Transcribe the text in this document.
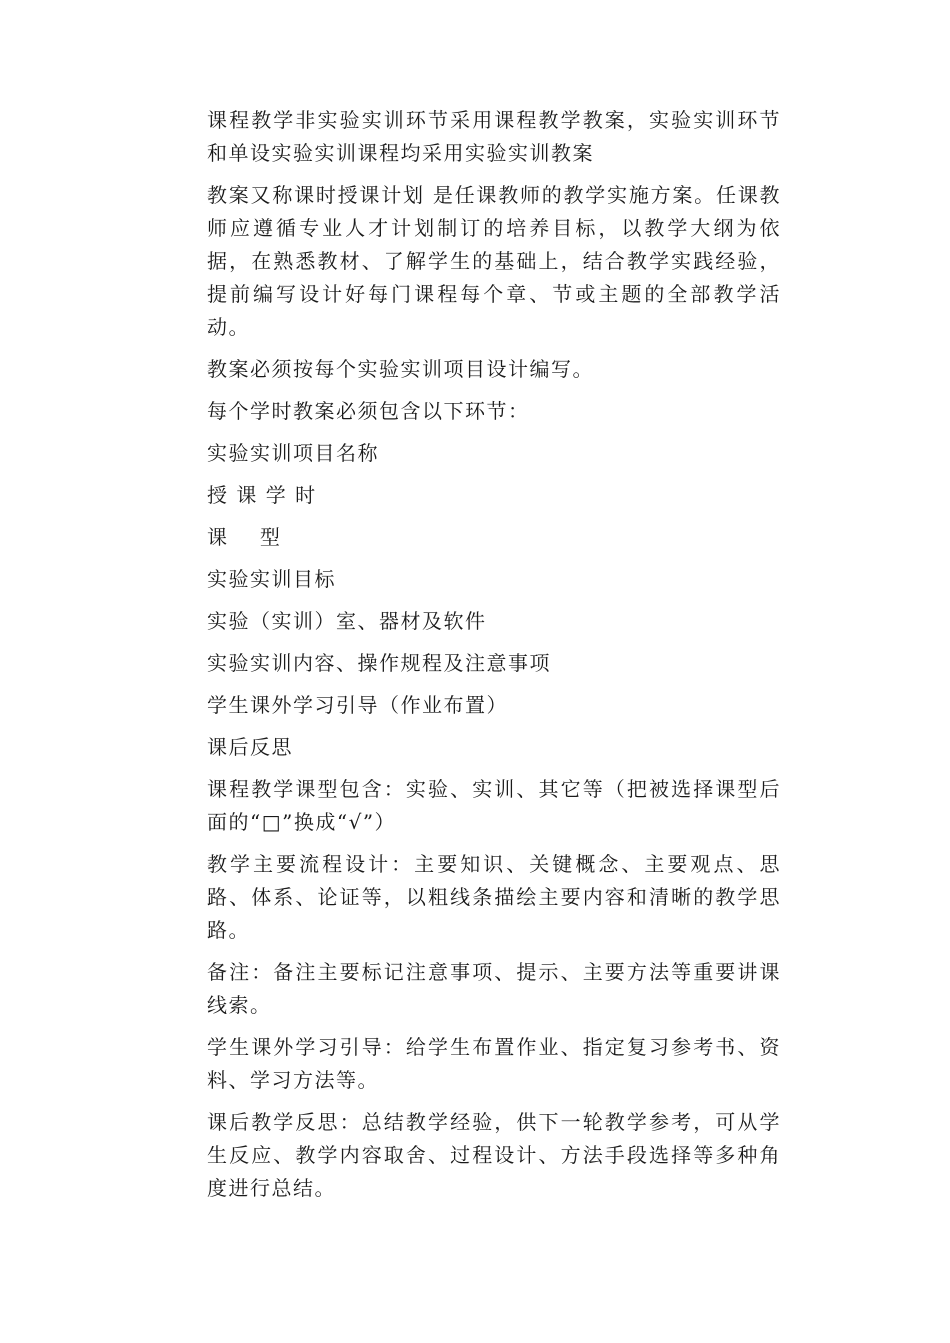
课程教学非实验实训环节采用课程教学教案，实验实训环节和单设实验实训课程均采用实验实训教案

教案又称课时授课计划 是任课教师的教学实施方案。任课教师应遵循专业人才计划制订的培养目标，以教学大纲为依据，在熟悉教材、了解学生的基础上，结合教学实践经验，提前编写设计好每门课程每个章、节或主题的全部教学活动。

教案必须按每个实验实训项目设计编写。

每个学时教案必须包含以下环节：

实验实训项目名称

授 课 学 时

课    型

实验实训目标

实验（实训）室、器材及软件

实验实训内容、操作规程及注意事项

学生课外学习引导（作业布置）

课后反思

课程教学课型包含：实验、实训、其它等（把被选择课型后面的“□”换成“√”）

教学主要流程设计：主要知识、关键概念、主要观点、思路、体系、论证等，以粗线条描绘主要内容和清晰的教学思路。

备注：备注主要标记注意事项、提示、主要方法等重要讲课线索。

学生课外学习引导：给学生布置作业、指定复习参考书、资料、学习方法等。

课后教学反思：总结教学经验，供下一轮教学参考，可从学生反应、教学内容取舍、过程设计、方法手段选择等多种角度进行总结。
